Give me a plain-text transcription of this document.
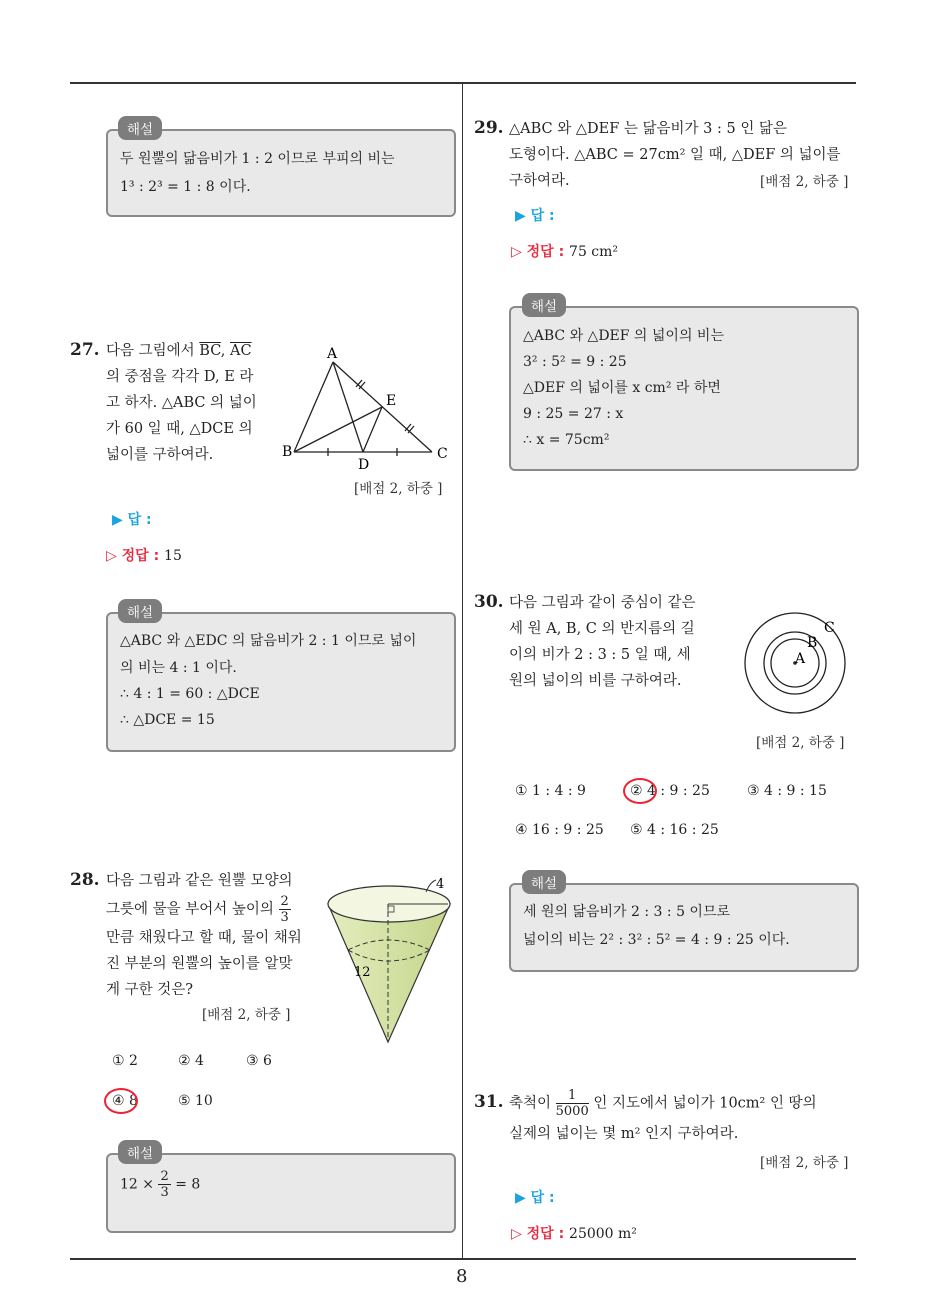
두 원뿔의 닮음비가 1 : 2 이므로 부피의 비는
1³ : 2³ = 1 : 8 이다.
해설
27. 다음 그림에서 $\overline{BC}$, $\overline{AC}$
의 중점을 각각 D, E 라
고 하자. △ABC 의 넓이
가 60 일 때, △DCE 의
넓이를 구하여라.
A
B	C
D
E
[배점 2, 하중 ]
▶ 답 :
▷ 정답 : 15
△ABC 와 △EDC 의 닮음비가 2 : 1 이므로 넓이
의 비는 4 : 1 이다.
∴ 4 : 1 = 60 : △DCE
∴ △DCE = 15
해설
28. 다음 그림과 같은 원뿔 모양의
그릇에 물을 부어서 높이의 $\frac{2}{3}$
만큼 채웠다고 할 때, 물이 채워
진 부분의 원뿔의 높이를 알맞
게 구한 것은?
[배점 2, 하중 ]
4
12
① 2	② 4	③ 6
④ 8	⑤ 10
$12 \times \frac{2}{3} = 8$
해설
29. △ABC 와 △DEF 는 닮음비가 3 : 5 인 닮은
도형이다. △ABC = 27cm² 일 때, △DEF 의 넓이를
구하여라.	[배점 2, 하중 ]
▶ 답 :
▷ 정답 : 75 cm²
△ABC 와 △DEF 의 넓이의 비는
3² : 5² = 9 : 25
△DEF 의 넓이를 x cm² 라 하면
9 : 25 = 27 : x
∴ x = 75cm²
해설
30. 다음 그림과 같이 중심이 같은
세 원 A, B, C 의 반지름의 길
이의 비가 2 : 3 : 5 일 때, 세
원의 넓이의 비를 구하여라.
A
B
C
[배점 2, 하중 ]
① 1 : 4 : 9	② 4 : 9 : 25	③ 4 : 9 : 15
④ 16 : 9 : 25 ⑤ 4 : 16 : 25
세 원의 닮음비가 2 : 3 : 5 이므로
넓이의 비는 2² : 3² : 5² = 4 : 9 : 25 이다.
해설
31. 축척이 $\frac{1}{5000}$ 인 지도에서 넓이가 10cm² 인 땅의
실제의 넓이는 몇 m² 인지 구하여라.
[배점 2, 하중 ]
▶ 답 :
▷ 정답 : 25000 m²
8
